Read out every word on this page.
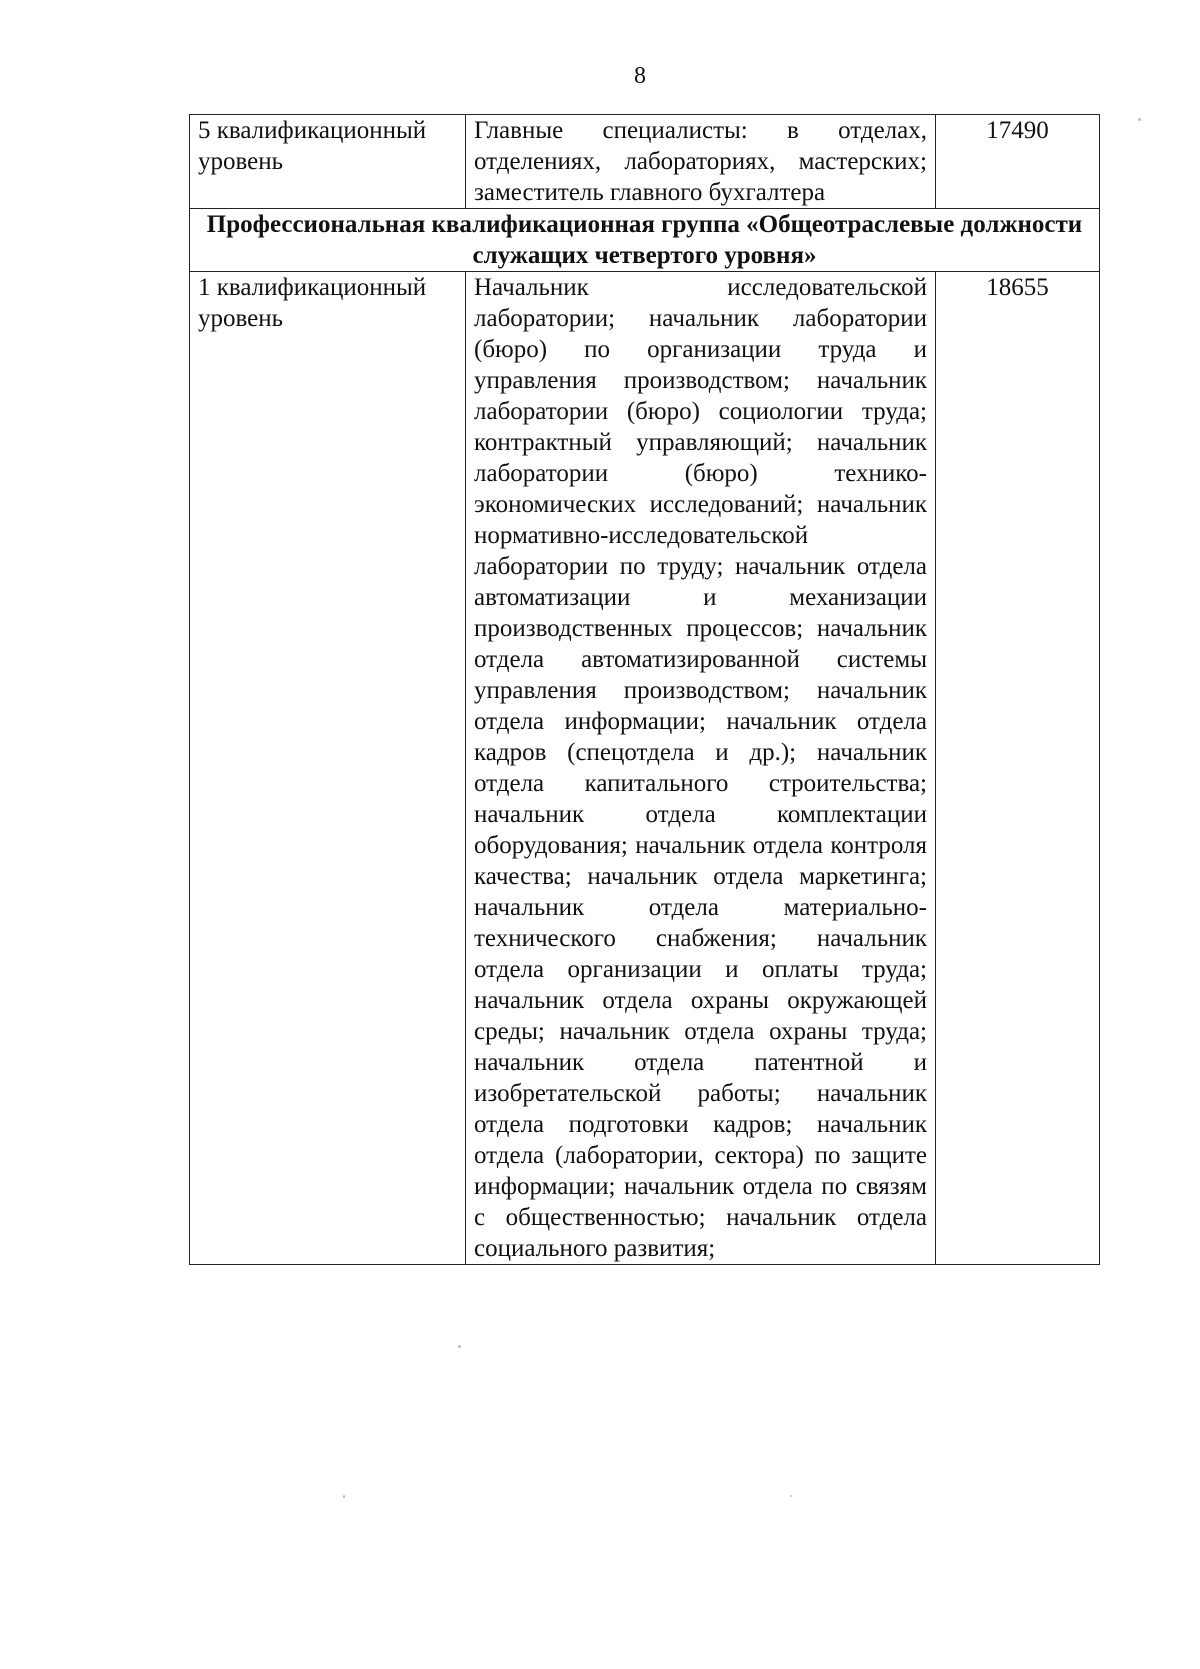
8
5 квалификационный уровень	Главные специалисты: в отделах, отделениях, лабораториях, мастерских; заместитель главного бухгалтера	17490
Профессиональная квалификационная группа «Общеотраслевые должности служащих четвертого уровня»		
1 квалификационный уровень	Начальник исследовательской лаборатории; начальник лаборатории (бюро) по организации труда и управления производством; начальник лаборатории (бюро) социологии труда; контрактный управляющий; начальник лаборатории (бюро) технико-экономических исследований; начальник нормативно-исследовательской лаборатории по труду; начальник отдела автоматизации и механизации производственных процессов; начальник отдела автоматизированной системы управления производством; начальник отдела информации; начальник отдела кадров (спецотдела и др.); начальник отдела капитального строительства; начальник отдела комплектации оборудования; начальник отдела контроля качества; начальник отдела маркетинга; начальник отдела материально-технического снабжения; начальник отдела организации и оплаты труда; начальник отдела охраны окружающей среды; начальник отдела охраны труда; начальник отдела патентной и изобретательской работы; начальник отдела подготовки кадров; начальник отдела (лаборатории, сектора) по защите информации; начальник отдела по связям с общественностью; начальник отдела социального развития;	18655
